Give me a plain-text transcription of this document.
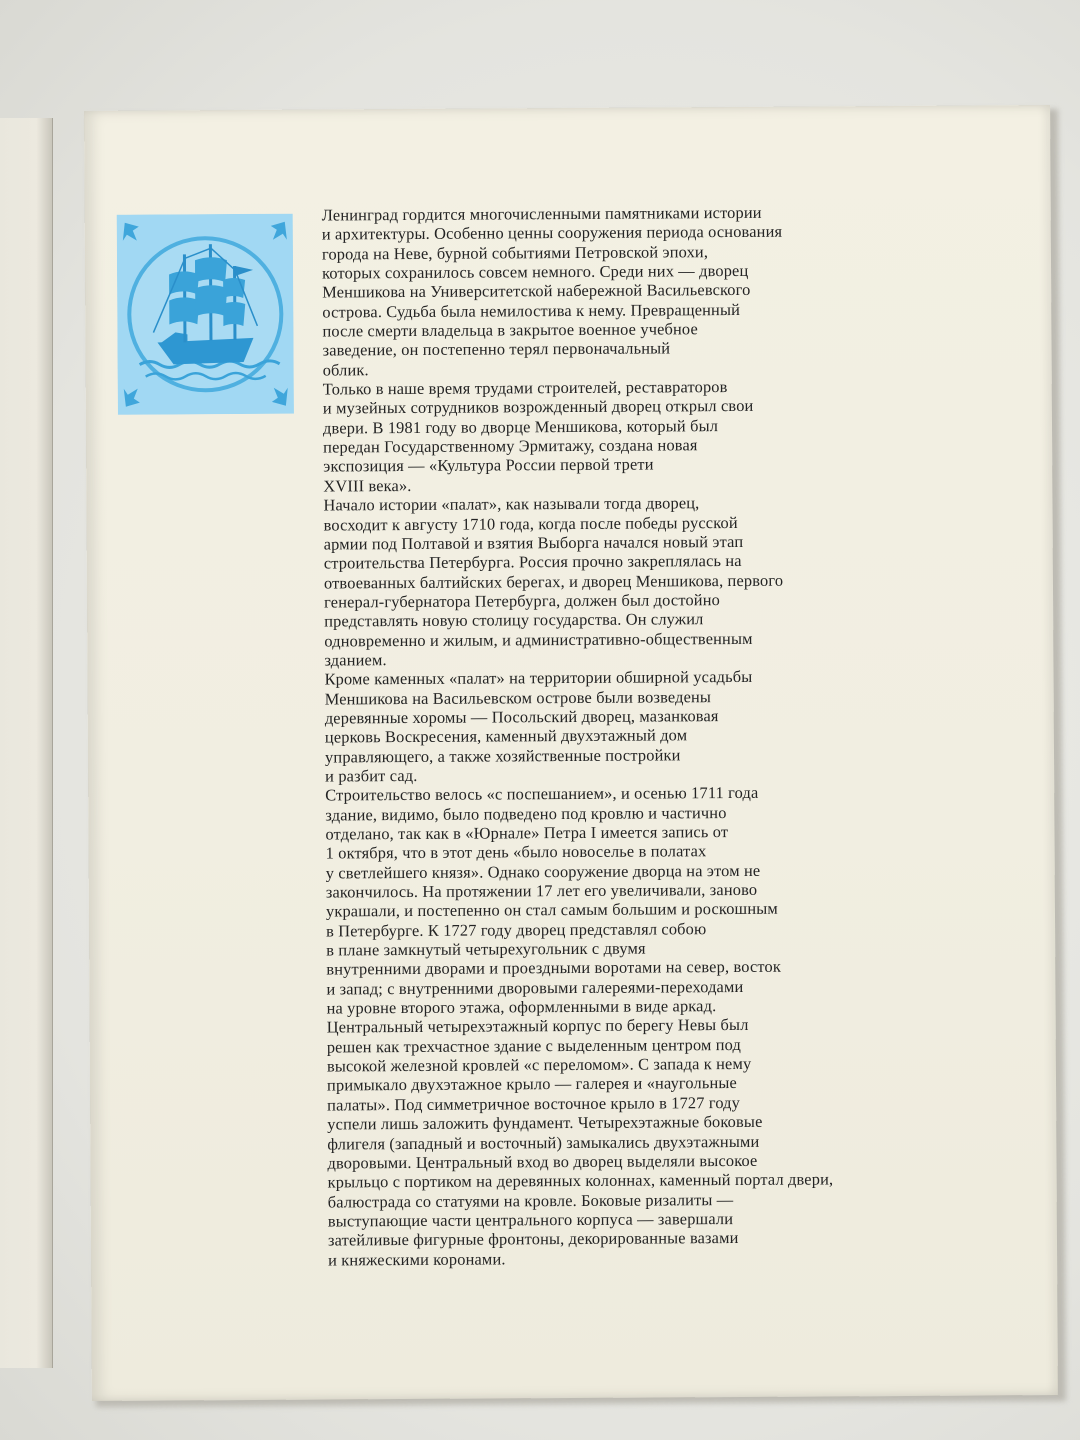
Ленинград гордится многочисленными памятниками истории
и архитектуры. Особенно ценны сооружения периода основания
города на Неве, бурной событиями Петровской эпохи,
которых сохранилось совсем немного. Среди них — дворец
Меншикова на Университетской набережной Васильевского
острова. Судьба была немилостива к нему. Превращенный
после смерти владельца в закрытое военное учебное
заведение, он постепенно терял первоначальный
облик.
Только в наше время трудами строителей, реставраторов
и музейных сотрудников возрожденный дворец открыл свои
двери. В 1981 году во дворце Меншикова, который был
передан Государственному Эрмитажу, создана новая
экспозиция — «Культура России первой трети
XVIII века».
Начало истории «палат», как называли тогда дворец,
восходит к августу 1710 года, когда после победы русской
армии под Полтавой и взятия Выборга начался новый этап
строительства Петербурга. Россия прочно закреплялась на
отвоеванных балтийских берегах, и дворец Меншикова, первого
генерал-губернатора Петербурга, должен был достойно
представлять новую столицу государства. Он служил
одновременно и жилым, и административно-общественным
зданием.
Кроме каменных «палат» на территории обширной усадьбы
Меншикова на Васильевском острове были возведены
деревянные хоромы — Посольский дворец, мазанковая
церковь Воскресения, каменный двухэтажный дом
управляющего, а также хозяйственные постройки
и разбит сад.
Строительство велось «с поспешанием», и осенью 1711 года
здание, видимо, было подведено под кровлю и частично
отделано, так как в «Юрнале» Петра I имеется запись от
1 октября, что в этот день «было новоселье в полатах
у светлейшего князя». Однако сооружение дворца на этом не
закончилось. На протяжении 17 лет его увеличивали, заново
украшали, и постепенно он стал самым большим и роскошным
в Петербурге. К 1727 году дворец представлял собою
в плане замкнутый четырехугольник с двумя
внутренними дворами и проездными воротами на север, восток
и запад; с внутренними дворовыми галереями-переходами
на уровне второго этажа, оформленными в виде аркад.
Центральный четырехэтажный корпус по берегу Невы был
решен как трехчастное здание с выделенным центром под
высокой железной кровлей «с переломом». С запада к нему
примыкало двухэтажное крыло — галерея и «наугольные
палаты». Под симметричное восточное крыло в 1727 году
успели лишь заложить фундамент. Четырехэтажные боковые
флигеля (западный и восточный) замыкались двухэтажными
дворовыми. Центральный вход во дворец выделяли высокое
крыльцо с портиком на деревянных колоннах, каменный портал двери,
балюстрада со статуями на кровле. Боковые ризалиты —
выступающие части центрального корпуса — завершали
затейливые фигурные фронтоны, декорированные вазами
и княжескими коронами.
